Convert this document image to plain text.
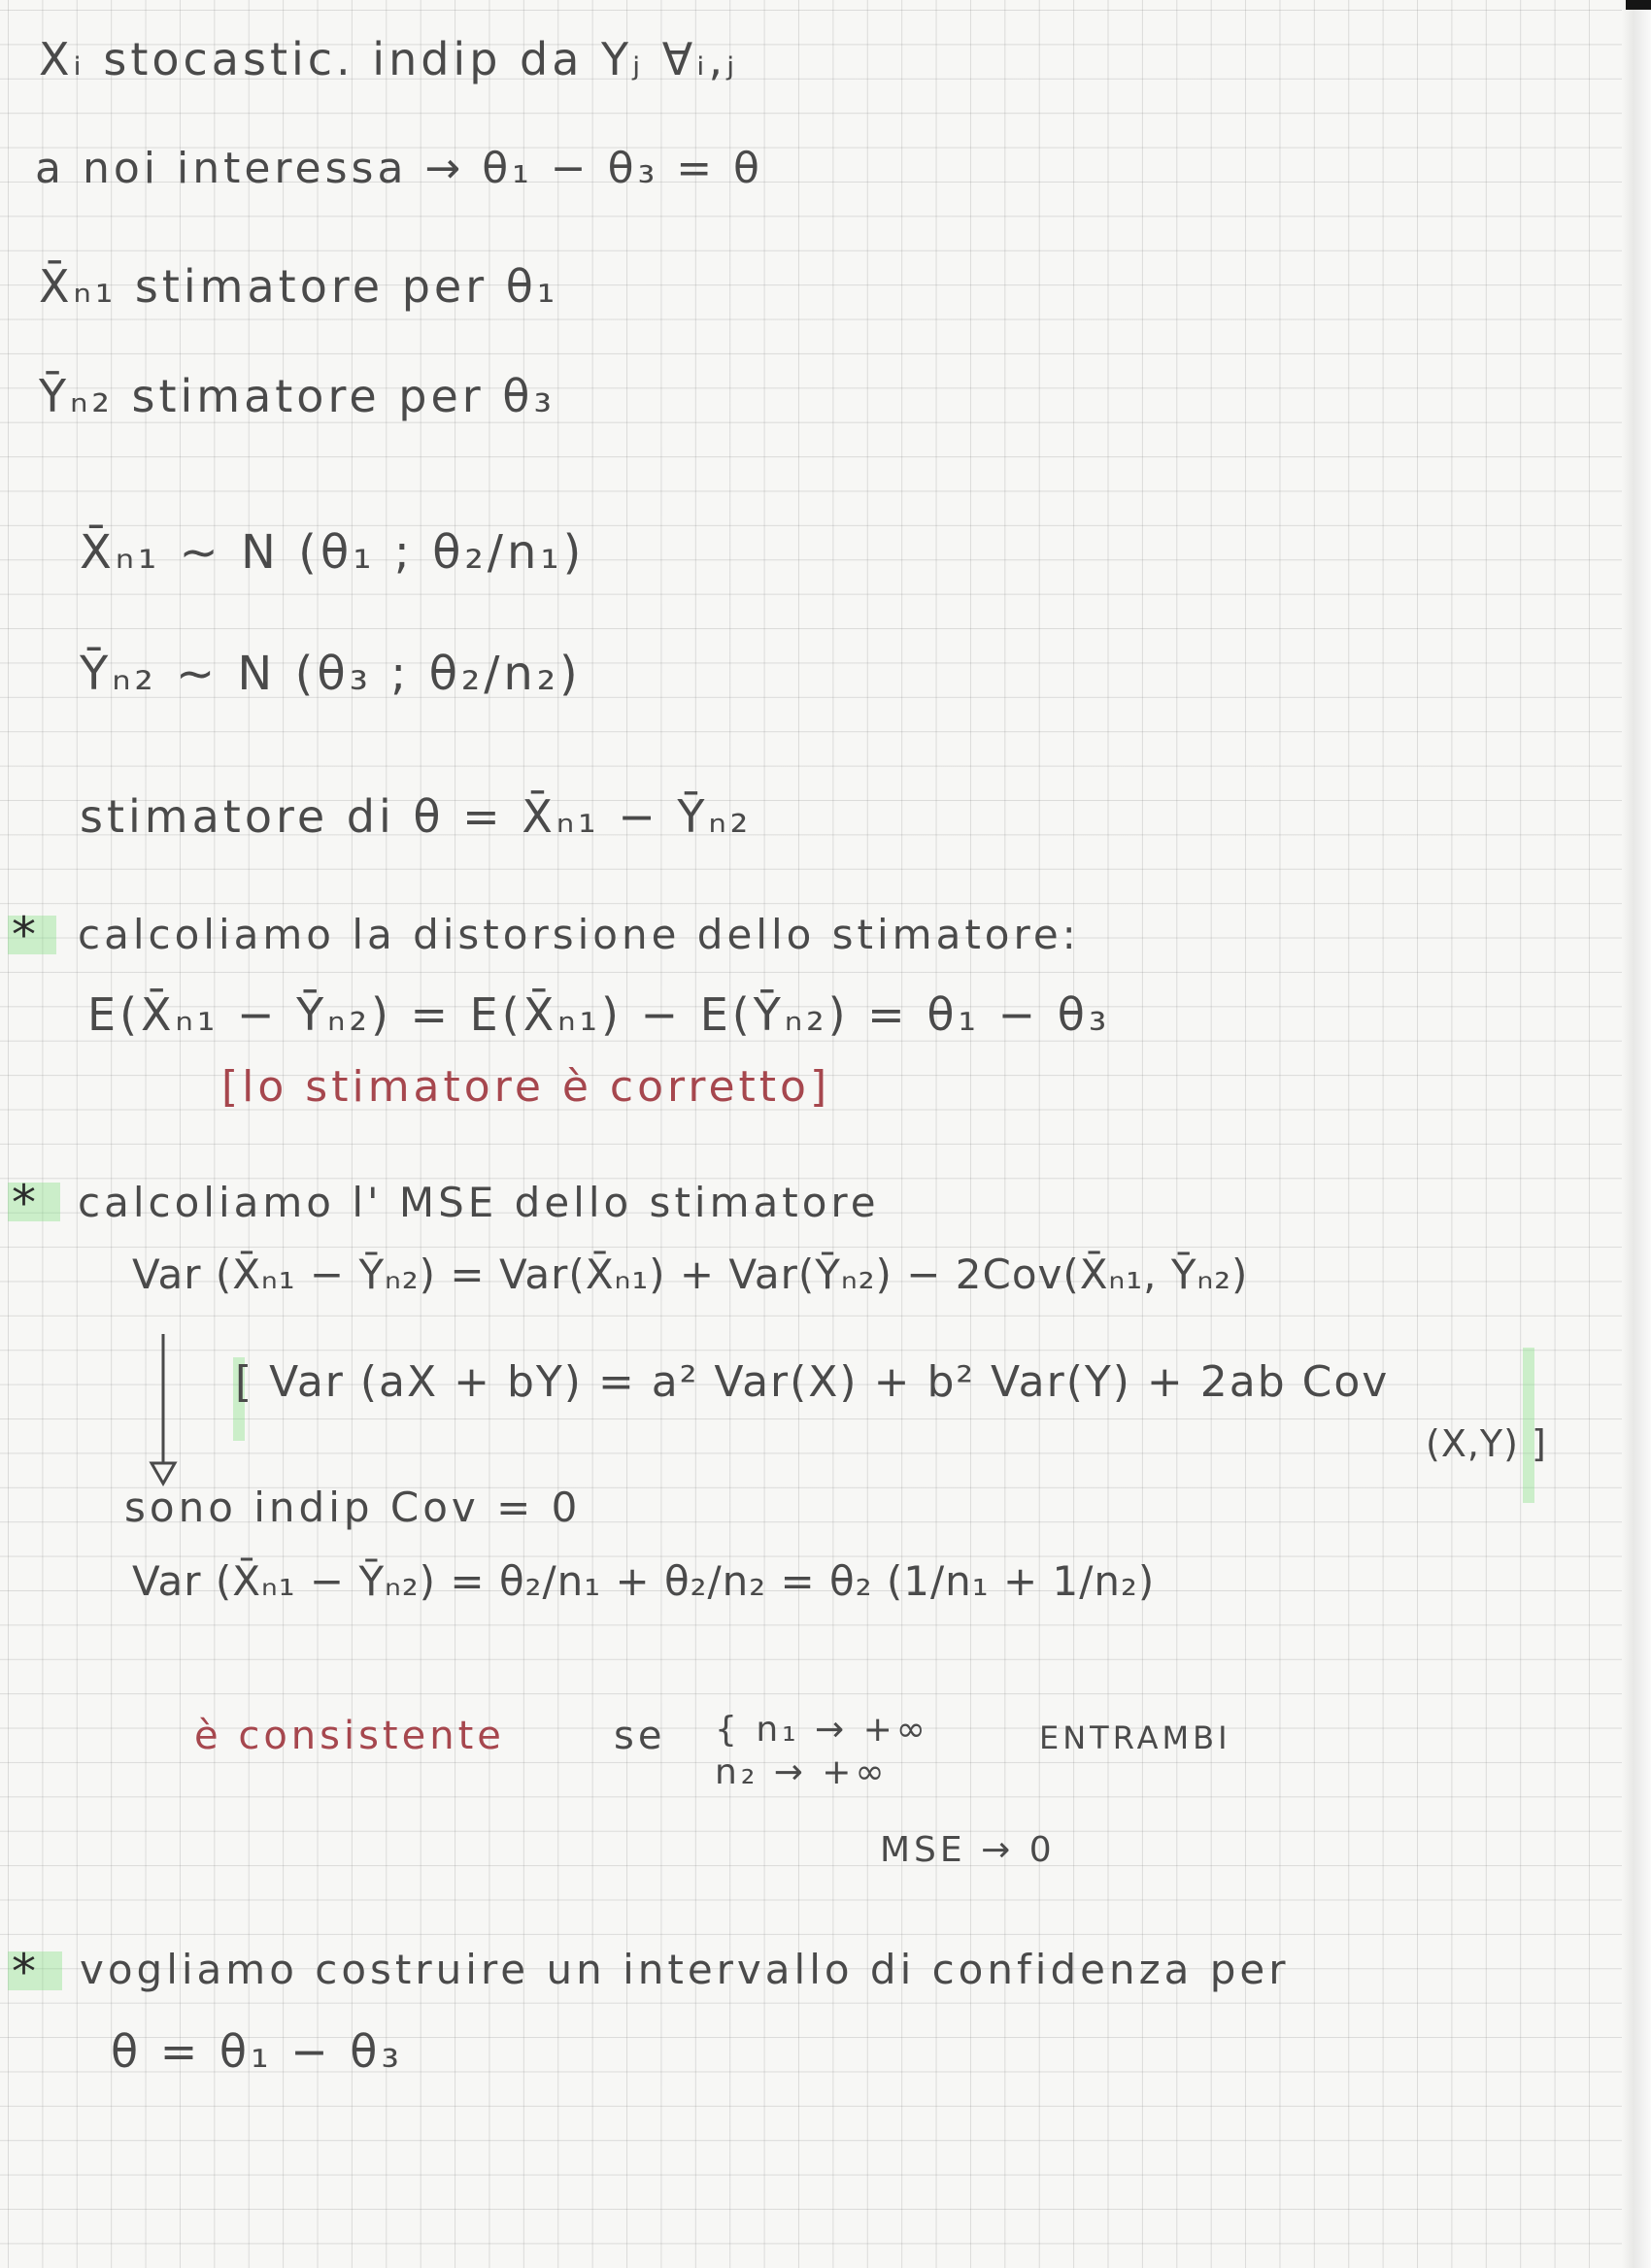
Xᵢ stocastic. indip da Yⱼ ∀ᵢ,ⱼ

a noi interessa → θ₁ − θ₃ = θ

X̄ₙ₁ stimatore per θ₁

Ȳₙ₂ stimatore per θ₃

X̄ₙ₁ ~ N (θ₁ ; θ₂/n₁)

Ȳₙ₂ ~ N (θ₃ ; θ₂/n₂)

stimatore di θ = X̄ₙ₁ − Ȳₙ₂

* calcoliamo la distorsione dello stimatore:

E(X̄ₙ₁ − Ȳₙ₂) = E(X̄ₙ₁) − E(Ȳₙ₂) = θ₁ − θ₃

[lo stimatore è corretto]

* calcoliamo l' MSE dello stimatore

Var (X̄ₙ₁ − Ȳₙ₂) = Var(X̄ₙ₁) + Var(Ȳₙ₂) − 2Cov(X̄ₙ₁, Ȳₙ₂)

[ Var (aX + bY) = a² Var(X) + b² Var(Y) + 2ab Cov

(X,Y) ]

sono indip Cov = 0

Var (X̄ₙ₁ − Ȳₙ₂) = θ₂/n₁ + θ₂/n₂ = θ₂ (1/n₁ + 1/n₂)

è consistente	se { n₁ → +∞

n₂ → +∞

ENTRAMBI

MSE → 0

* vogliamo costruire un intervallo di confidenza per

θ = θ₁ − θ₃
